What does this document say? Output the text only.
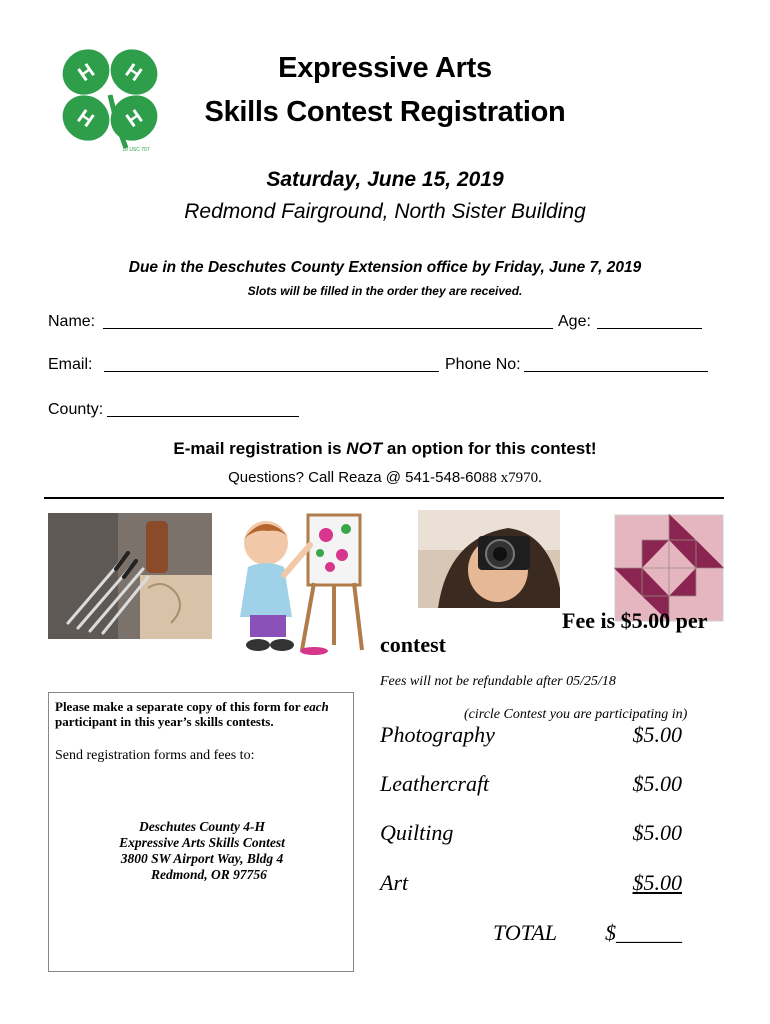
H H
H H
18 USC 707
Expressive Arts
Skills Contest Registration
Saturday, June 15, 2019
Redmond Fairground, North Sister Building
Due in the Deschutes County Extension office by Friday, June 7, 2019
Slots will be filled in the order they are received.
Name:	Age:
Email:	Phone No:
County:
E-mail registration is NOT an option for this contest!
Questions? Call Reaza @ 541-548-6088 x7970.
Fee is $5.00 per
contest
Fees will not be refundable after 05/25/18
Please make a separate copy of this form for each participant in this year’s skills contests.
Send registration forms and fees to:
Deschutes County 4-H
Expressive Arts Skills Contest
3800 SW Airport Way, Bldg 4
Redmond, OR 97756
(circle Contest you are participating in)
Photography	$5.00
Leathercraft	$5.00
Quilting	$5.00
Art	$5.00
TOTAL $______
